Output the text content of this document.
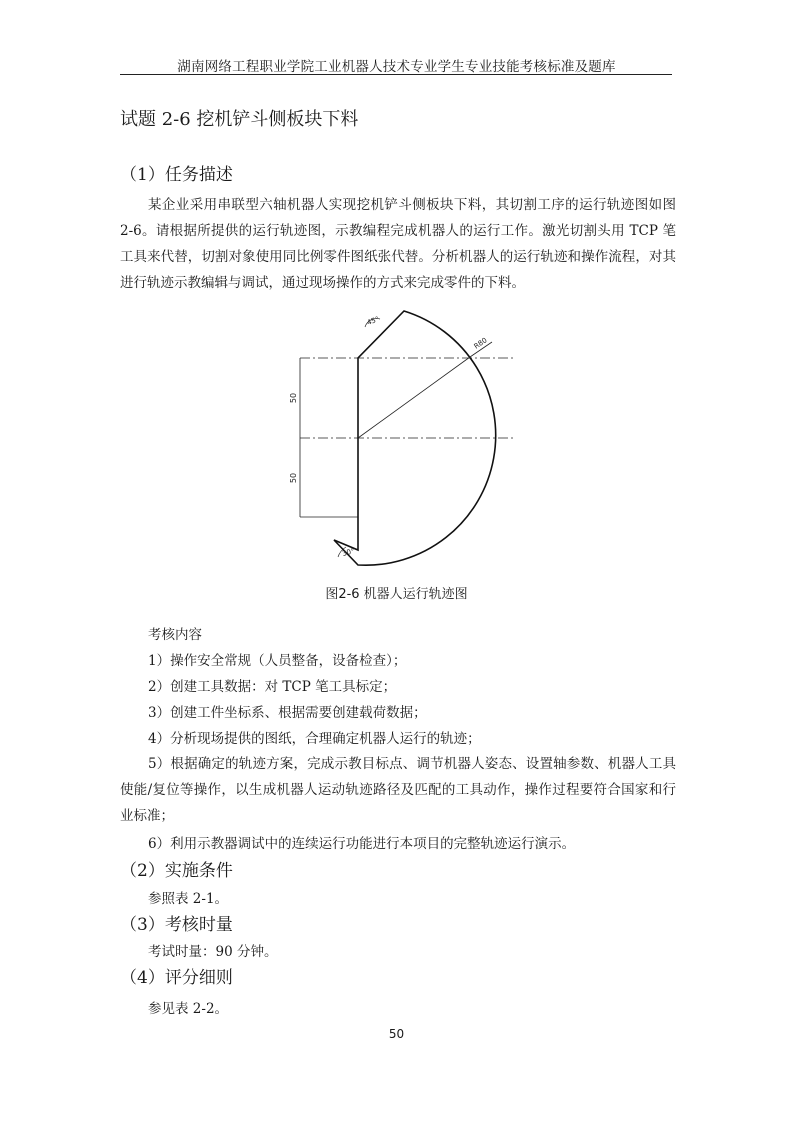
湖南网络工程职业学院工业机器人技术专业学生专业技能考核标准及题库
试题 2-6 挖机铲斗侧板块下料
（1）任务描述
某企业采用串联型六轴机器人实现挖机铲斗侧板块下料，其切割工序的运行轨迹图如图 2-6。请根据所提供的运行轨迹图，示教编程完成机器人的运行工作。激光切割头用 TCP 笔工具来代替，切割对象使用同比例零件图纸张代替。分析机器人的运行轨迹和操作流程，对其进行轨迹示教编辑与调试，通过现场操作的方式来完成零件的下料。
50
50
R80
45°
30°
图2-6 机器人运行轨迹图
考核内容
1）操作安全常规（人员整备，设备检查）；
2）创建工具数据：对 TCP 笔工具标定；
3）创建工件坐标系、根据需要创建载荷数据；
4）分析现场提供的图纸，合理确定机器人运行的轨迹；
5）根据确定的轨迹方案，完成示教目标点、调节机器人姿态、设置轴参数、机器人工具使能/复位等操作，以生成机器人运动轨迹路径及匹配的工具动作，操作过程要符合国家和行业标准；
6）利用示教器调试中的连续运行功能进行本项目的完整轨迹运行演示。
（2）实施条件
参照表 2-1。
（3）考核时量
考试时量：90 分钟。
（4）评分细则
参见表 2-2。
50
